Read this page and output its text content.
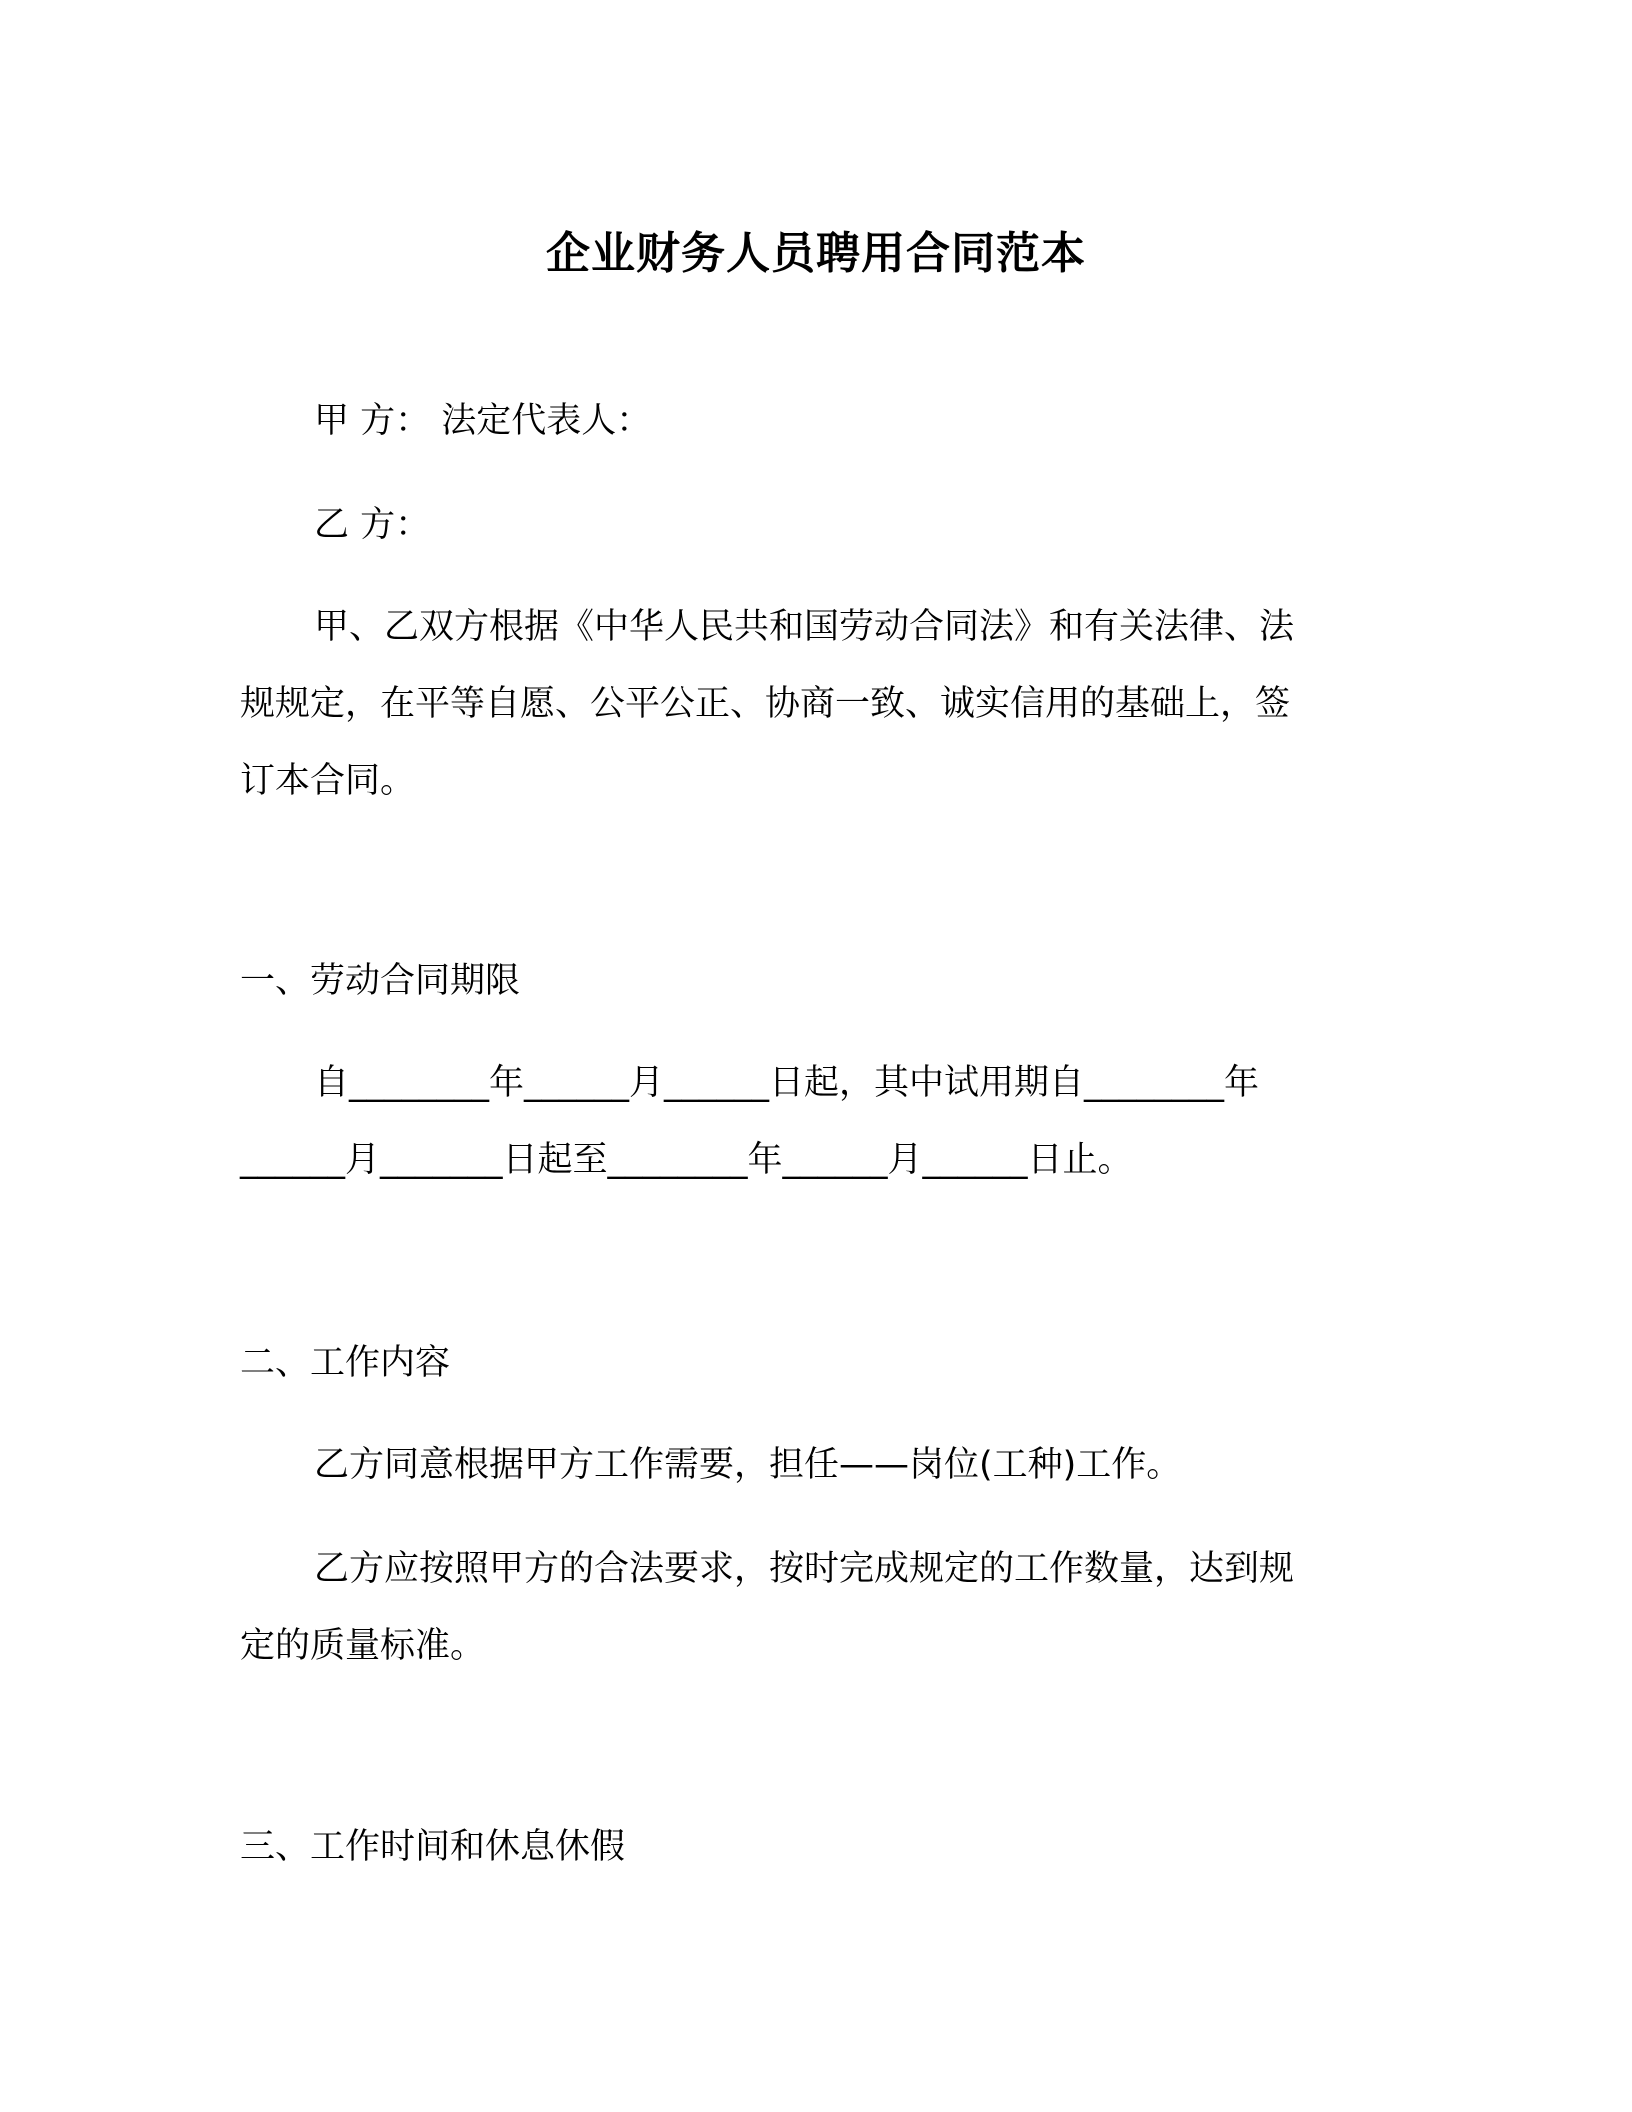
企业财务人员聘用合同范本
甲 方： 法定代表人：
乙 方：
甲、乙双方根据《中华人民共和国劳动合同法》和有关法律、法
规规定，在平等自愿、公平公正、协商一致、诚实信用的基础上，签
订本合同。
一、劳动合同期限
自________年______月______日起，其中试用期自________年
______月_______日起至________年______月______日止。
二、工作内容
乙方同意根据甲方工作需要，担任——岗位(工种)工作。
乙方应按照甲方的合法要求，按时完成规定的工作数量，达到规
定的质量标准。
三、工作时间和休息休假
